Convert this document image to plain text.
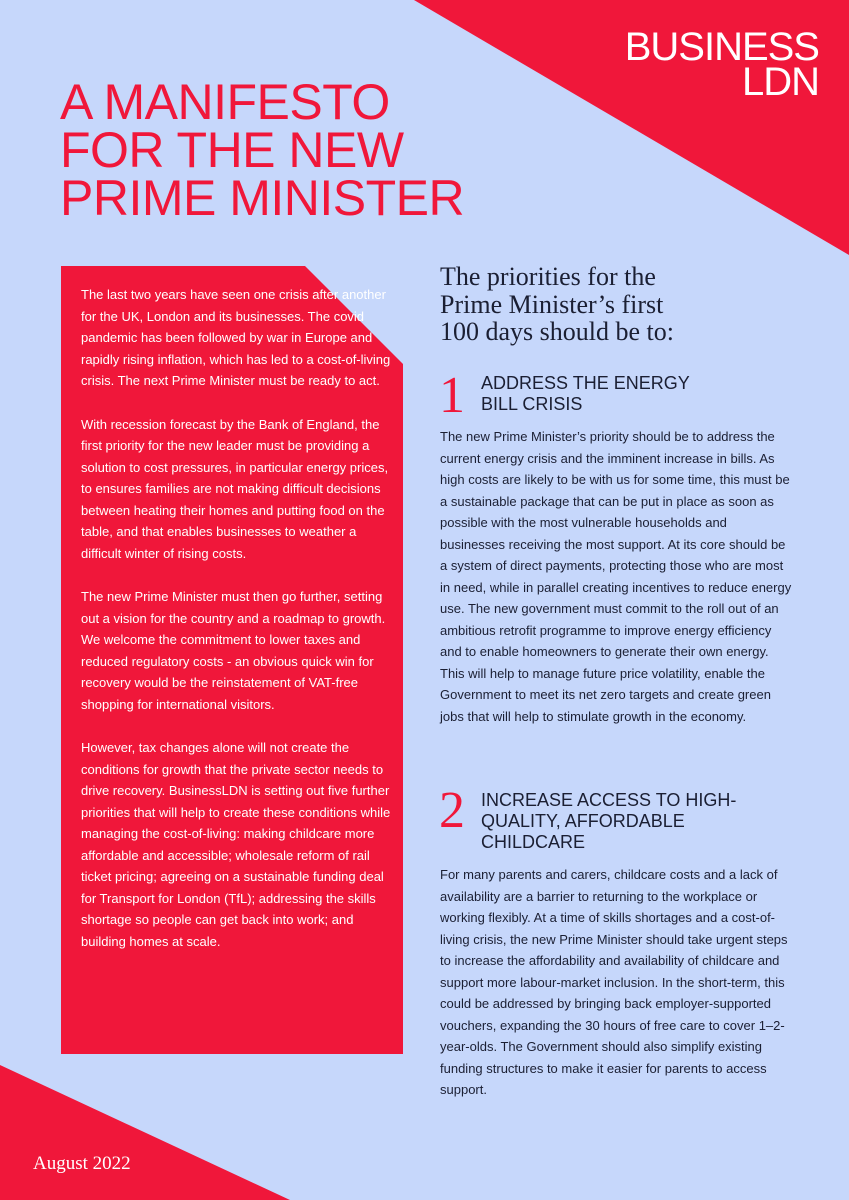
BUSINESS
LDN
A MANIFESTO
FOR THE NEW
PRIME MINISTER

The last two years have seen one crisis after another for the UK, London and its businesses. The covid pandemic has been followed by war in Europe and rapidly rising inflation, which has led to a cost-of-living crisis. The next Prime Minister must be ready to act.

With recession forecast by the Bank of England, the first priority for the new leader must be providing a solution to cost pressures, in particular energy prices, to ensures families are not making difficult decisions between heating their homes and putting food on the table, and that enables businesses to weather a difficult winter of rising costs.

The new Prime Minister must then go further, setting out a vision for the country and a roadmap to growth. We welcome the commitment to lower taxes and reduced regulatory costs - an obvious quick win for recovery would be the reinstatement of VAT-free shopping for international visitors.

However, tax changes alone will not create the conditions for growth that the private sector needs to drive recovery. BusinessLDN is setting out five further priorities that will help to create these conditions while managing the cost-of-living: making childcare more affordable and accessible; wholesale reform of rail ticket pricing; agreeing on a sustainable funding deal for Transport for London (TfL); addressing the skills shortage so people can get back into work; and building homes at scale.

The priorities for the
Prime Minister’s first
100 days should be to:
1 ADDRESS THE ENERGY
BILL CRISIS

The new Prime Minister’s priority should be to address the current energy crisis and the imminent increase in bills. As high costs are likely to be with us for some time, this must be a sustainable package that can be put in place as soon as possible with the most vulnerable households and businesses receiving the most support. At its core should be a system of direct payments, protecting those who are most in need, while in parallel creating incentives to reduce energy use. The new government must commit to the roll out of an ambitious retrofit programme to improve energy efficiency and to enable homeowners to generate their own energy. This will help to manage future price volatility, enable the Government to meet its net zero targets and create green jobs that will help to stimulate growth in the economy.

2 INCREASE ACCESS TO HIGH-
QUALITY, AFFORDABLE
CHILDCARE

For many parents and carers, childcare costs and a lack of availability are a barrier to returning to the workplace or working flexibly. At a time of skills shortages and a cost-of-living crisis, the new Prime Minister should take urgent steps to increase the affordability and availability of childcare and support more labour-market inclusion. In the short-term, this could be addressed by bringing back employer-supported vouchers, expanding the 30 hours of free care to cover 1–2-year-olds. The Government should also simplify existing funding structures to make it easier for parents to access support.

August 2022
